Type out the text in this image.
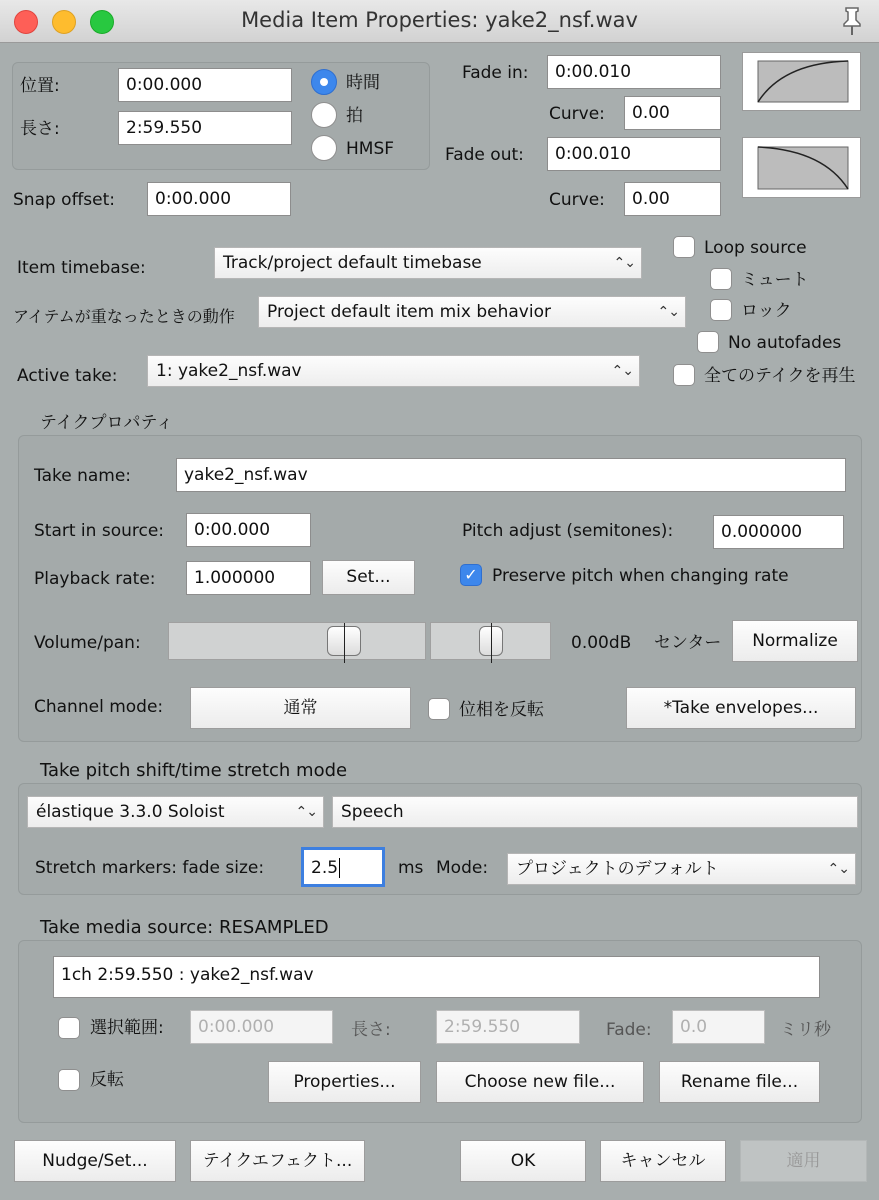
Media Item Properties: yake2_nsf.wav
位置:	0:00.000
長さ:	2:59.550
時間
拍
HMSF
Snap offset:	0:00.000
Fade in:	0:00.010
Curve:	0.00
Fade out:	0:00.010
Curve:	0.00
Item timebase:	Track/project default timebase	⌃⌄
アイテムが重なったときの動作	Project default item mix behavior	⌃⌄
Active take:	1: yake2_nsf.wav	⌃⌄
Loop source
ミュート
ロック
No autofades
全てのテイクを再生
テイクプロパティ
Take name:	yake2_nsf.wav
Start in source:	0:00.000	Pitch adjust (semitones):	0.000000
Playback rate:	1.000000	Set...	✓ Preserve pitch when changing rate
Volume/pan:	0.00dB センター	Normalize
Channel mode:	通常	位相を反転	*Take envelopes...
Take pitch shift/time stretch mode
élastique 3.3.0 Soloist	⌃⌄	Speech
Stretch markers: fade size:	2.5	ms Mode:	プロジェクトのデフォルト	⌃⌄
Take media source: RESAMPLED
1ch 2:59.550 : yake2_nsf.wav
選択範囲:	0:00.000	長さ:	2:59.550	Fade:	0.0	ミリ秒
反転	Properties...	Choose new file...	Rename file...
Nudge/Set...	テイクエフェクト...	OK	キャンセル	適用
